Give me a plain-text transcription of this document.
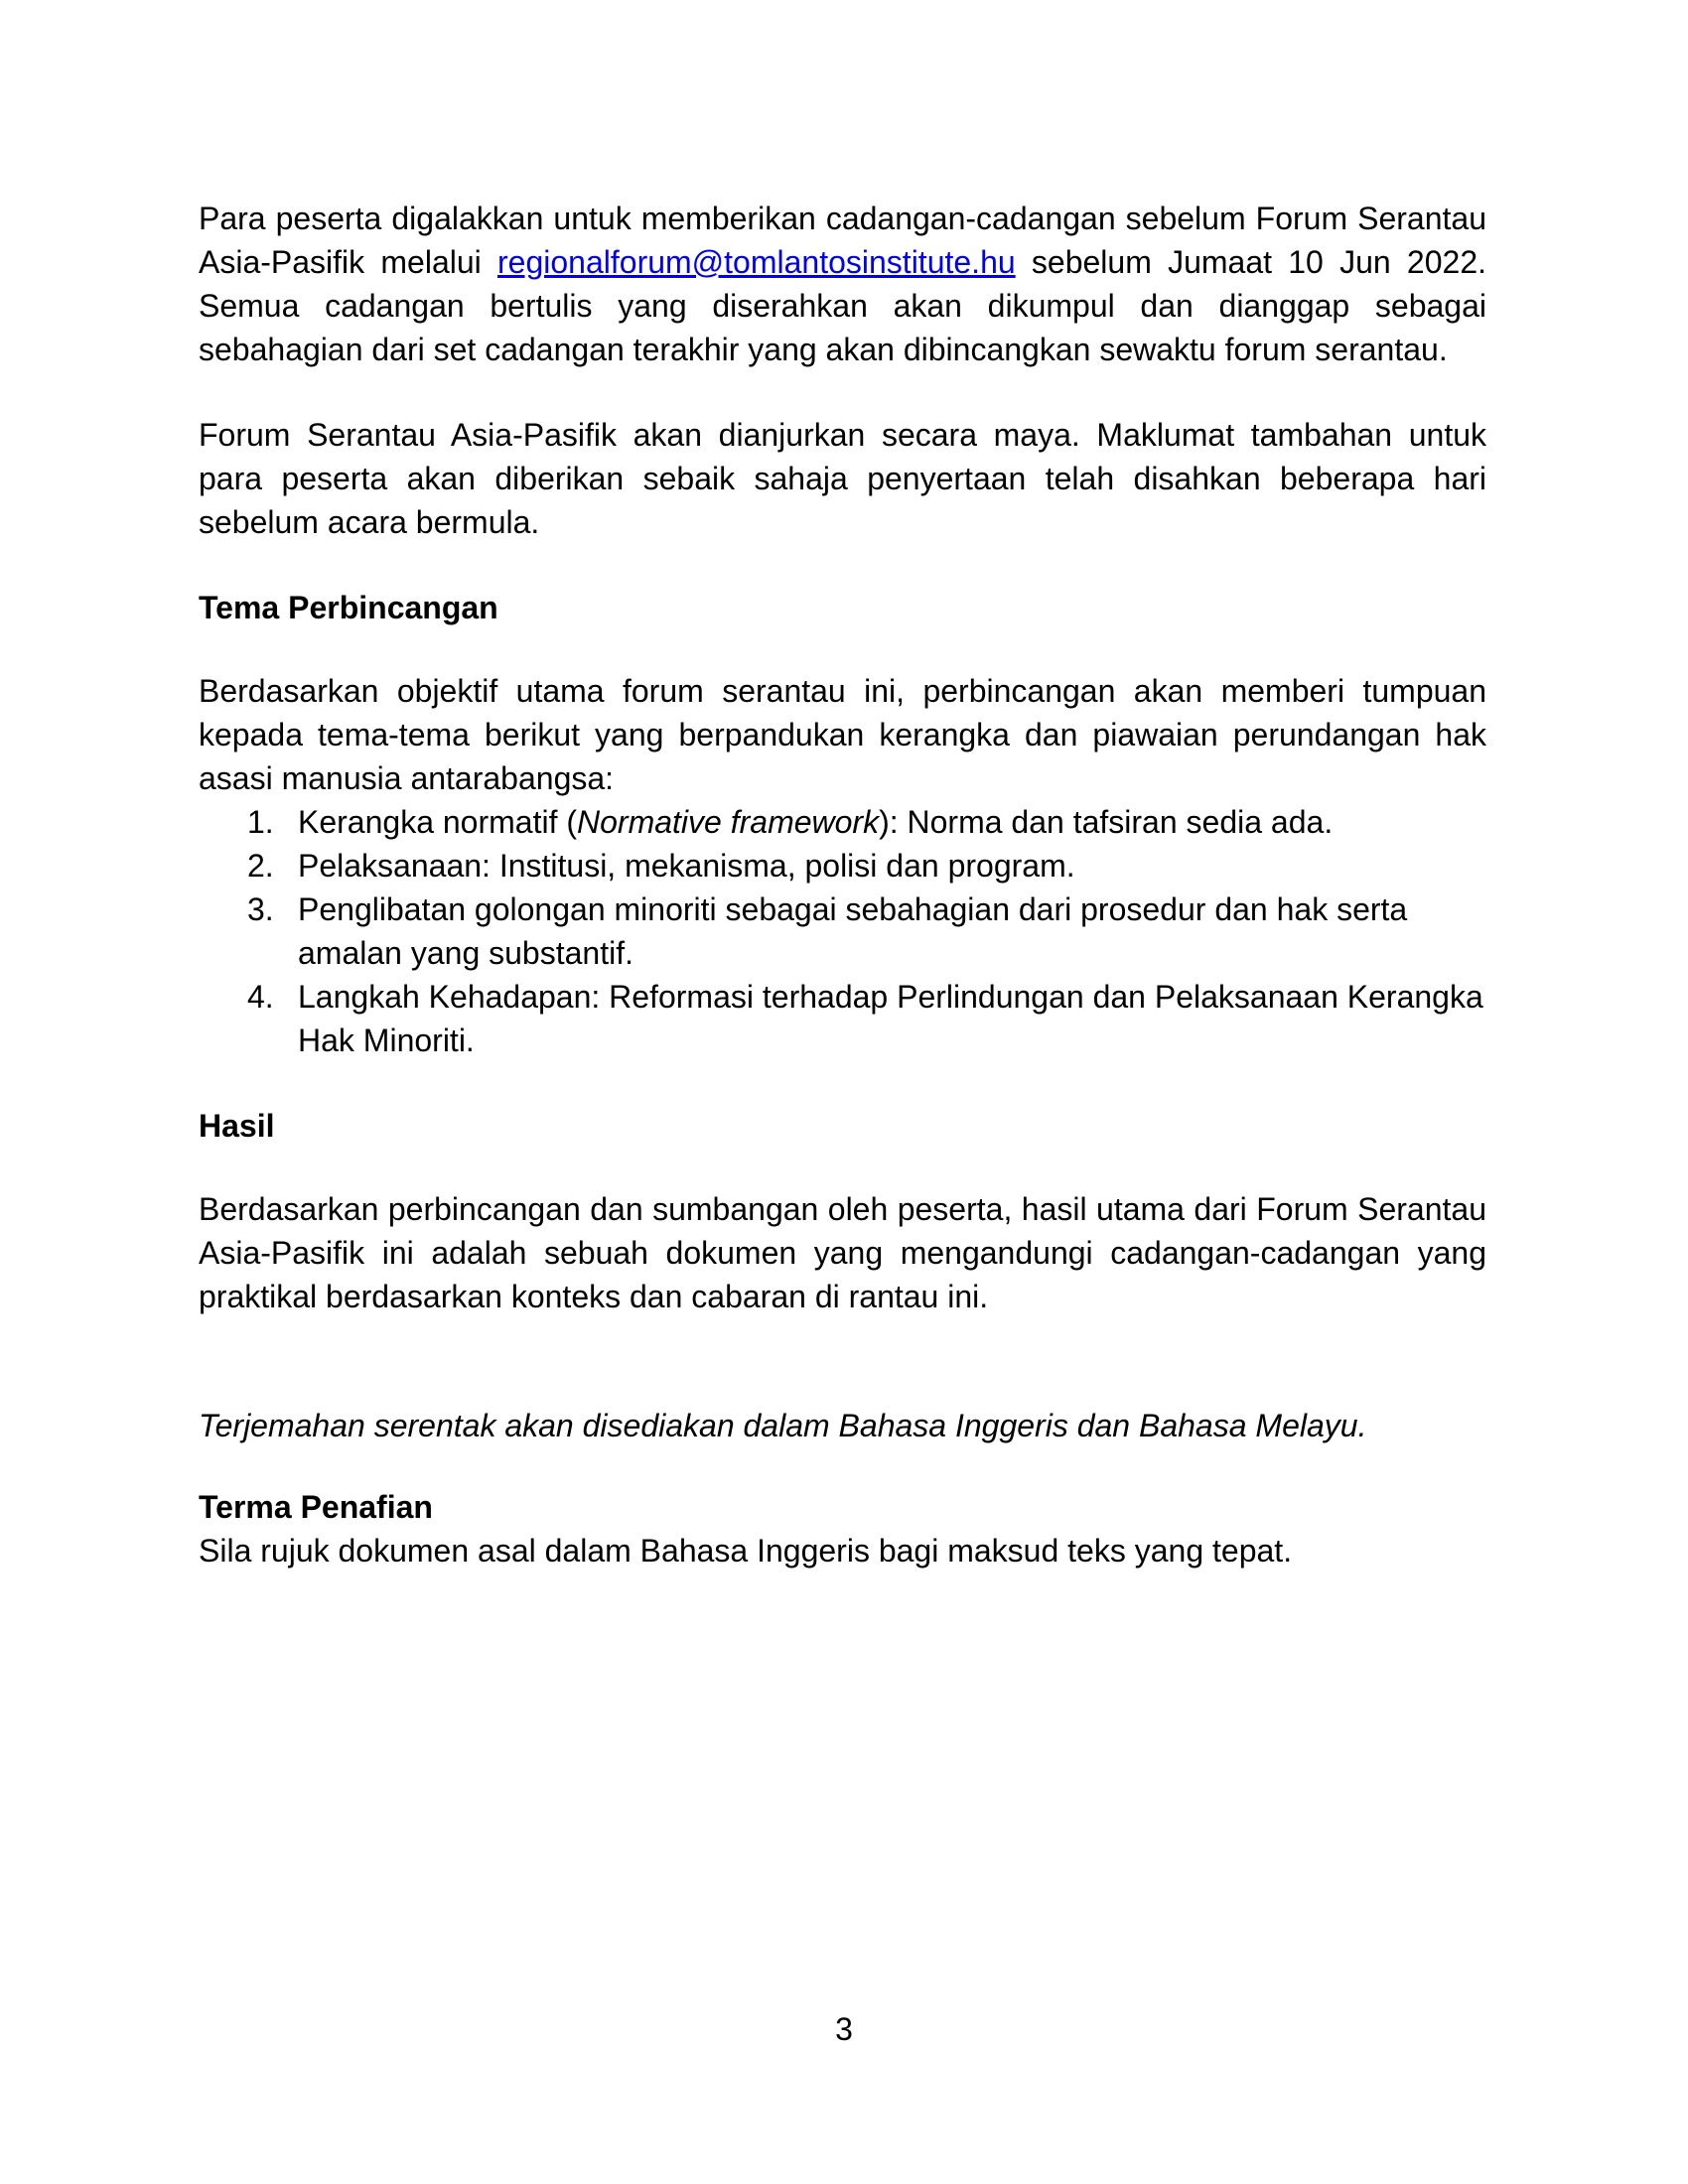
Para peserta digalakkan untuk memberikan cadangan-cadangan sebelum Forum Serantau Asia-Pasifik melalui regionalforum@tomlantosinstitute.hu sebelum Jumaat 10 Jun 2022. Semua cadangan bertulis yang diserahkan akan dikumpul dan dianggap sebagai sebahagian dari set cadangan terakhir yang akan dibincangkan sewaktu forum serantau.

Forum Serantau Asia-Pasifik akan dianjurkan secara maya. Maklumat tambahan untuk para peserta akan diberikan sebaik sahaja penyertaan telah disahkan beberapa hari sebelum acara bermula.

Tema Perbincangan

Berdasarkan objektif utama forum serantau ini, perbincangan akan memberi tumpuan kepada tema-tema berikut yang berpandukan kerangka dan piawaian perundangan hak asasi manusia antarabangsa:

1. Kerangka normatif (Normative framework): Norma dan tafsiran sedia ada.
2. Pelaksanaan: Institusi, mekanisma, polisi dan program.
3. Penglibatan golongan minoriti sebagai sebahagian dari prosedur dan hak serta amalan yang substantif.
4. Langkah Kehadapan: Reformasi terhadap Perlindungan dan Pelaksanaan Kerangka Hak Minoriti.

Hasil

Berdasarkan perbincangan dan sumbangan oleh peserta, hasil utama dari Forum Serantau Asia-Pasifik ini adalah sebuah dokumen yang mengandungi cadangan-cadangan yang praktikal berdasarkan konteks dan cabaran di rantau ini.

Terjemahan serentak akan disediakan dalam Bahasa Inggeris dan Bahasa Melayu.

Terma Penafian

Sila rujuk dokumen asal dalam Bahasa Inggeris bagi maksud teks yang tepat.

3
